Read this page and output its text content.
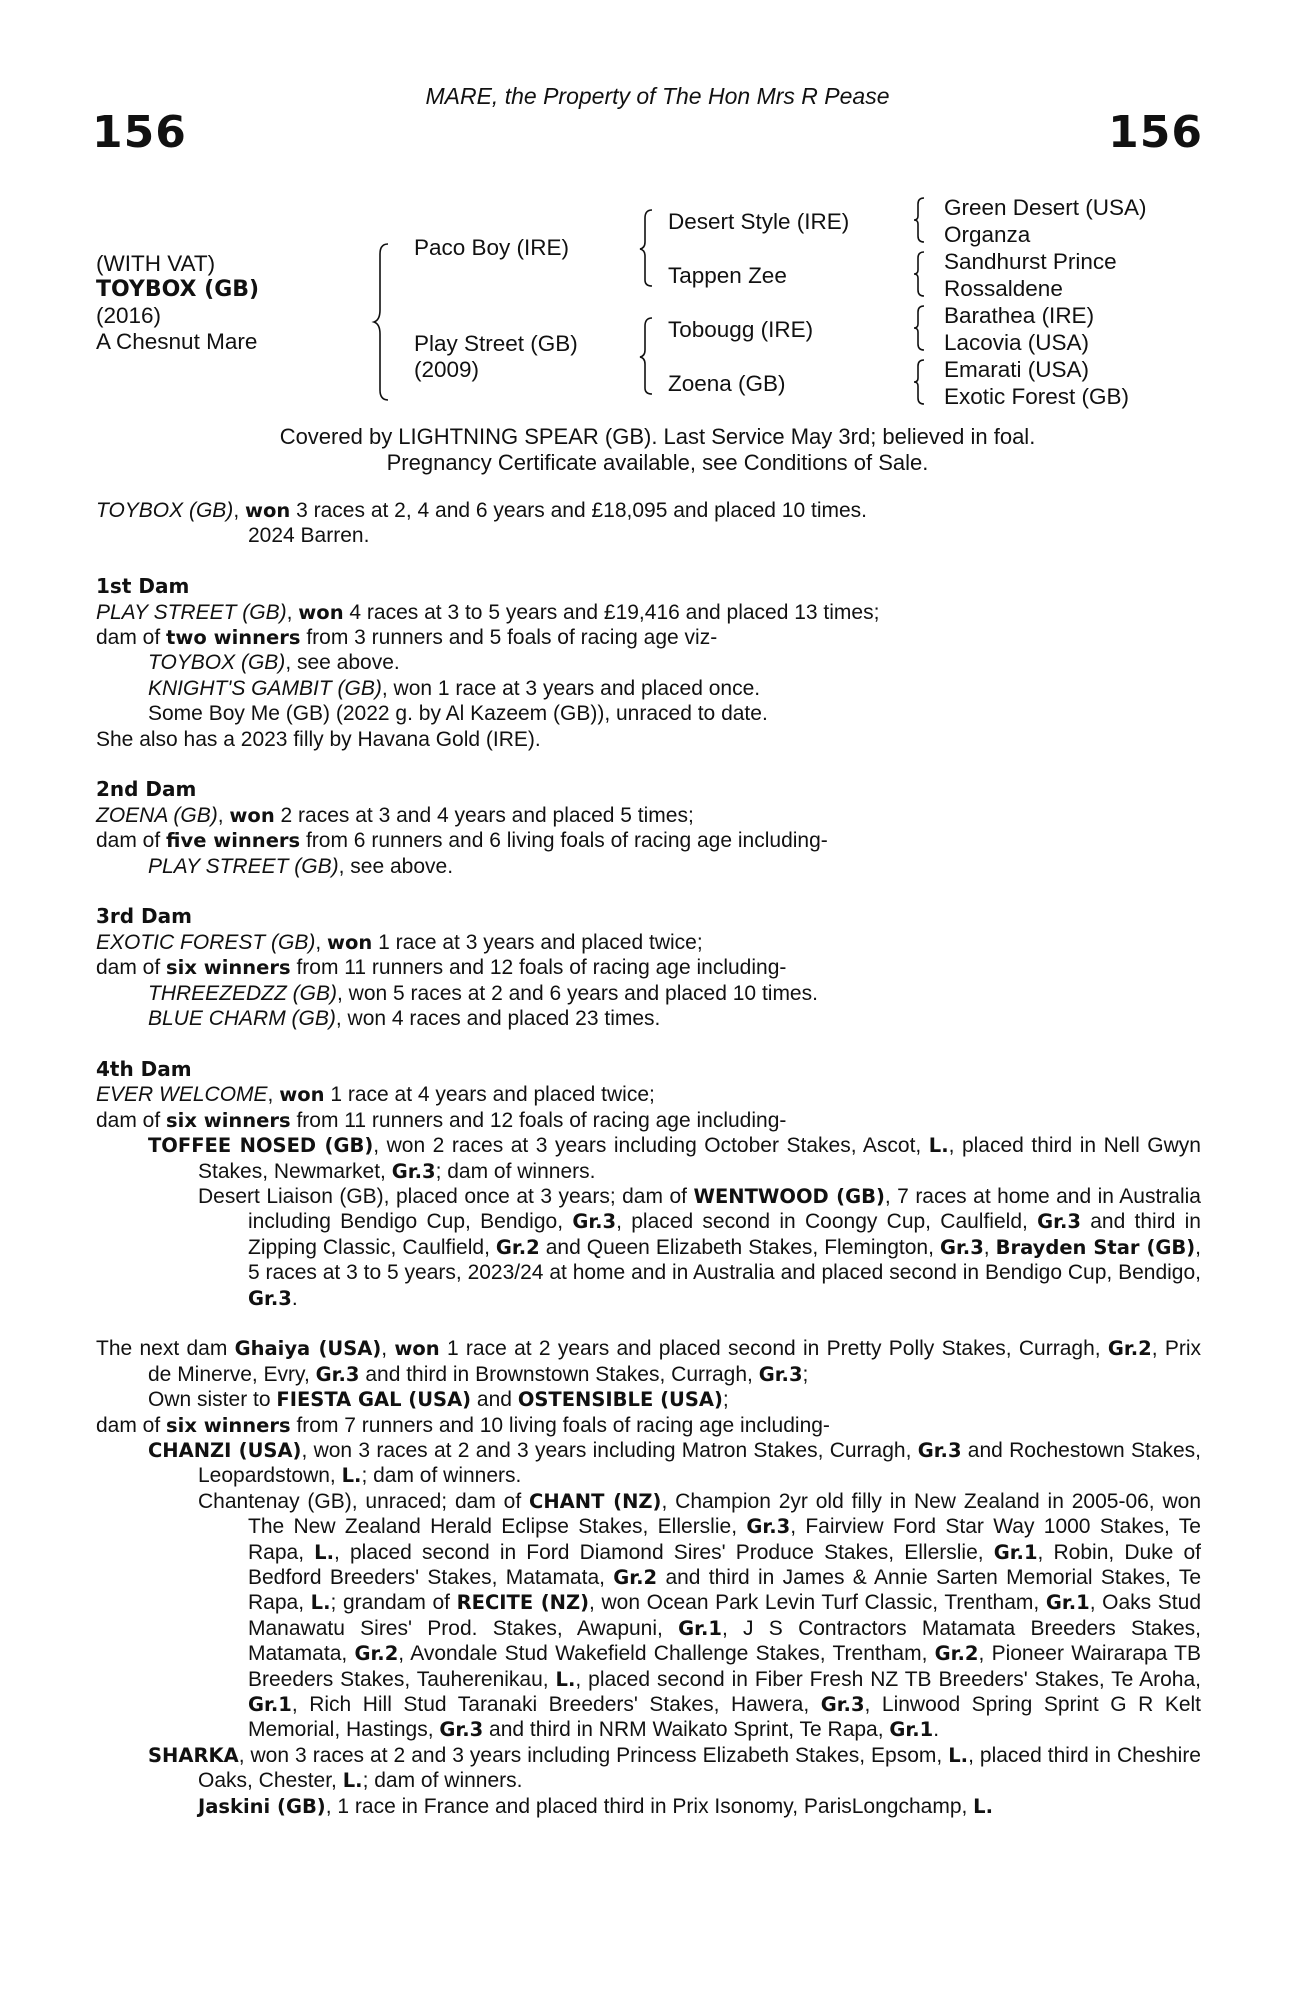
MARE, the Property of The Hon Mrs R Pease
156	156
(WITH VAT)
TOYBOX (GB)
(2016)
A Chesnut Mare
Paco Boy (IRE)
Play Street (GB)
(2009)
Desert Style (IRE)
Tappen Zee
Tobougg (IRE)
Zoena (GB)
Green Desert (USA)
Organza
Sandhurst Prince
Rossaldene
Barathea (IRE)
Lacovia (USA)
Emarati (USA)
Exotic Forest (GB)
Covered by LIGHTNING SPEAR (GB). Last Service May 3rd; believed in foal.
Pregnancy Certificate available, see Conditions of Sale.

TOYBOX (GB), won 3 races at 2, 4 and 6 years and £18,095 and placed 10 times.

2024 Barren.

1st Dam

PLAY STREET (GB), won 4 races at 3 to 5 years and £19,416 and placed 13 times;

dam of two winners from 3 runners and 5 foals of racing age viz-

TOYBOX (GB), see above.

KNIGHT'S GAMBIT (GB), won 1 race at 3 years and placed once.

Some Boy Me (GB) (2022 g. by Al Kazeem (GB)), unraced to date.

She also has a 2023 filly by Havana Gold (IRE).

2nd Dam

ZOENA (GB), won 2 races at 3 and 4 years and placed 5 times;

dam of five winners from 6 runners and 6 living foals of racing age including-

PLAY STREET (GB), see above.

3rd Dam

EXOTIC FOREST (GB), won 1 race at 3 years and placed twice;

dam of six winners from 11 runners and 12 foals of racing age including-

THREEZEDZZ (GB), won 5 races at 2 and 6 years and placed 10 times.

BLUE CHARM (GB), won 4 races and placed 23 times.

4th Dam

EVER WELCOME, won 1 race at 4 years and placed twice;

dam of six winners from 11 runners and 12 foals of racing age including-

TOFFEE NOSED (GB), won 2 races at 3 years including October Stakes, Ascot, L., placed third in Nell Gwyn Stakes, Newmarket, Gr.3; dam of winners.

Desert Liaison (GB), placed once at 3 years; dam of WENTWOOD (GB), 7 races at home and in Australia including Bendigo Cup, Bendigo, Gr.3, placed second in Coongy Cup, Caulfield, Gr.3 and third in Zipping Classic, Caulfield, Gr.2 and Queen Elizabeth Stakes, Flemington, Gr.3, Brayden Star (GB), 5 races at 3 to 5 years, 2023/24 at home and in Australia and placed second in Bendigo Cup, Bendigo, Gr.3.

The next dam Ghaiya (USA), won 1 race at 2 years and placed second in Pretty Polly Stakes, Curragh, Gr.2, Prix de Minerve, Evry, Gr.3 and third in Brownstown Stakes, Curragh, Gr.3;

Own sister to FIESTA GAL (USA) and OSTENSIBLE (USA);

dam of six winners from 7 runners and 10 living foals of racing age including-

CHANZI (USA), won 3 races at 2 and 3 years including Matron Stakes, Curragh, Gr.3 and Rochestown Stakes, Leopardstown, L.; dam of winners.

Chantenay (GB), unraced; dam of CHANT (NZ), Champion 2yr old filly in New Zealand in 2005-06, won The New Zealand Herald Eclipse Stakes, Ellerslie, Gr.3, Fairview Ford Star Way 1000 Stakes, Te Rapa, L., placed second in Ford Diamond Sires' Produce Stakes, Ellerslie, Gr.1, Robin, Duke of Bedford Breeders' Stakes, Matamata, Gr.2 and third in James & Annie Sarten Memorial Stakes, Te Rapa, L.; grandam of RECITE (NZ), won Ocean Park Levin Turf Classic, Trentham, Gr.1, Oaks Stud Manawatu Sires' Prod. Stakes, Awapuni, Gr.1, J S Contractors Matamata Breeders Stakes, Matamata, Gr.2, Avondale Stud Wakefield Challenge Stakes, Trentham, Gr.2, Pioneer Wairarapa TB Breeders Stakes, Tauherenikau, L., placed second in Fiber Fresh NZ TB Breeders' Stakes, Te Aroha, Gr.1, Rich Hill Stud Taranaki Breeders' Stakes, Hawera, Gr.3, Linwood Spring Sprint G R Kelt Memorial, Hastings, Gr.3 and third in NRM Waikato Sprint, Te Rapa, Gr.1.

SHARKA, won 3 races at 2 and 3 years including Princess Elizabeth Stakes, Epsom, L., placed third in Cheshire Oaks, Chester, L.; dam of winners.

Jaskini (GB), 1 race in France and placed third in Prix Isonomy, ParisLongchamp, L.
